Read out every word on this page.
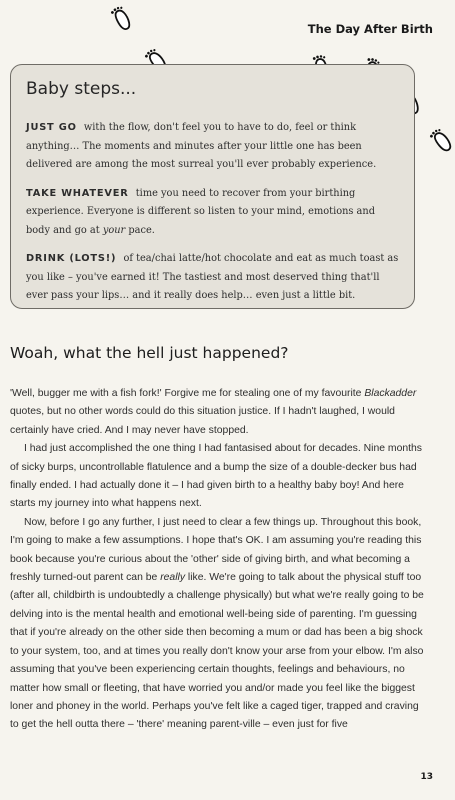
The Day After Birth
Baby steps...

JUST GO with the flow, don't feel you to have to do, feel or think anything… The moments and minutes after your little one has been delivered are among the most surreal you'll ever probably experience.

TAKE WHATEVER time you need to recover from your birthing experience. Everyone is different so listen to your mind, emotions and body and go at your pace.

DRINK (LOTS!) of tea/chai latte/hot chocolate and eat as much toast as you like – you've earned it! The tastiest and most deserved thing that'll ever pass your lips… and it really does help… even just a little bit.

Woah, what the hell just happened?

'Well, bugger me with a fish fork!' Forgive me for stealing one of my favourite Blackadder quotes, but no other words could do this situation justice. If I hadn't laughed, I would certainly have cried. And I may never have stopped.

I had just accomplished the one thing I had fantasised about for decades. Nine months of sicky burps, uncontrollable flatulence and a bump the size of a double-decker bus had finally ended. I had actually done it – I had given birth to a healthy baby boy! And here starts my journey into what happens next.

Now, before I go any further, I just need to clear a few things up. Throughout this book, I'm going to make a few assumptions. I hope that's OK. I am assuming you're reading this book because you're curious about the 'other' side of giving birth, and what becoming a freshly turned-out parent can be really like. We're going to talk about the physical stuff too (after all, childbirth is undoubtedly a challenge physically) but what we're really going to be delving into is the mental health and emotional well-being side of parenting. I'm guessing that if you're already on the other side then becoming a mum or dad has been a big shock to your system, too, and at times you really don't know your arse from your elbow. I'm also assuming that you've been experiencing certain thoughts, feelings and behaviours, no matter how small or fleeting, that have worried you and/or made you feel like the biggest loner and phoney in the world. Perhaps you've felt like a caged tiger, trapped and craving to get the hell outta there – 'there' meaning parent-ville – even just for five

13
